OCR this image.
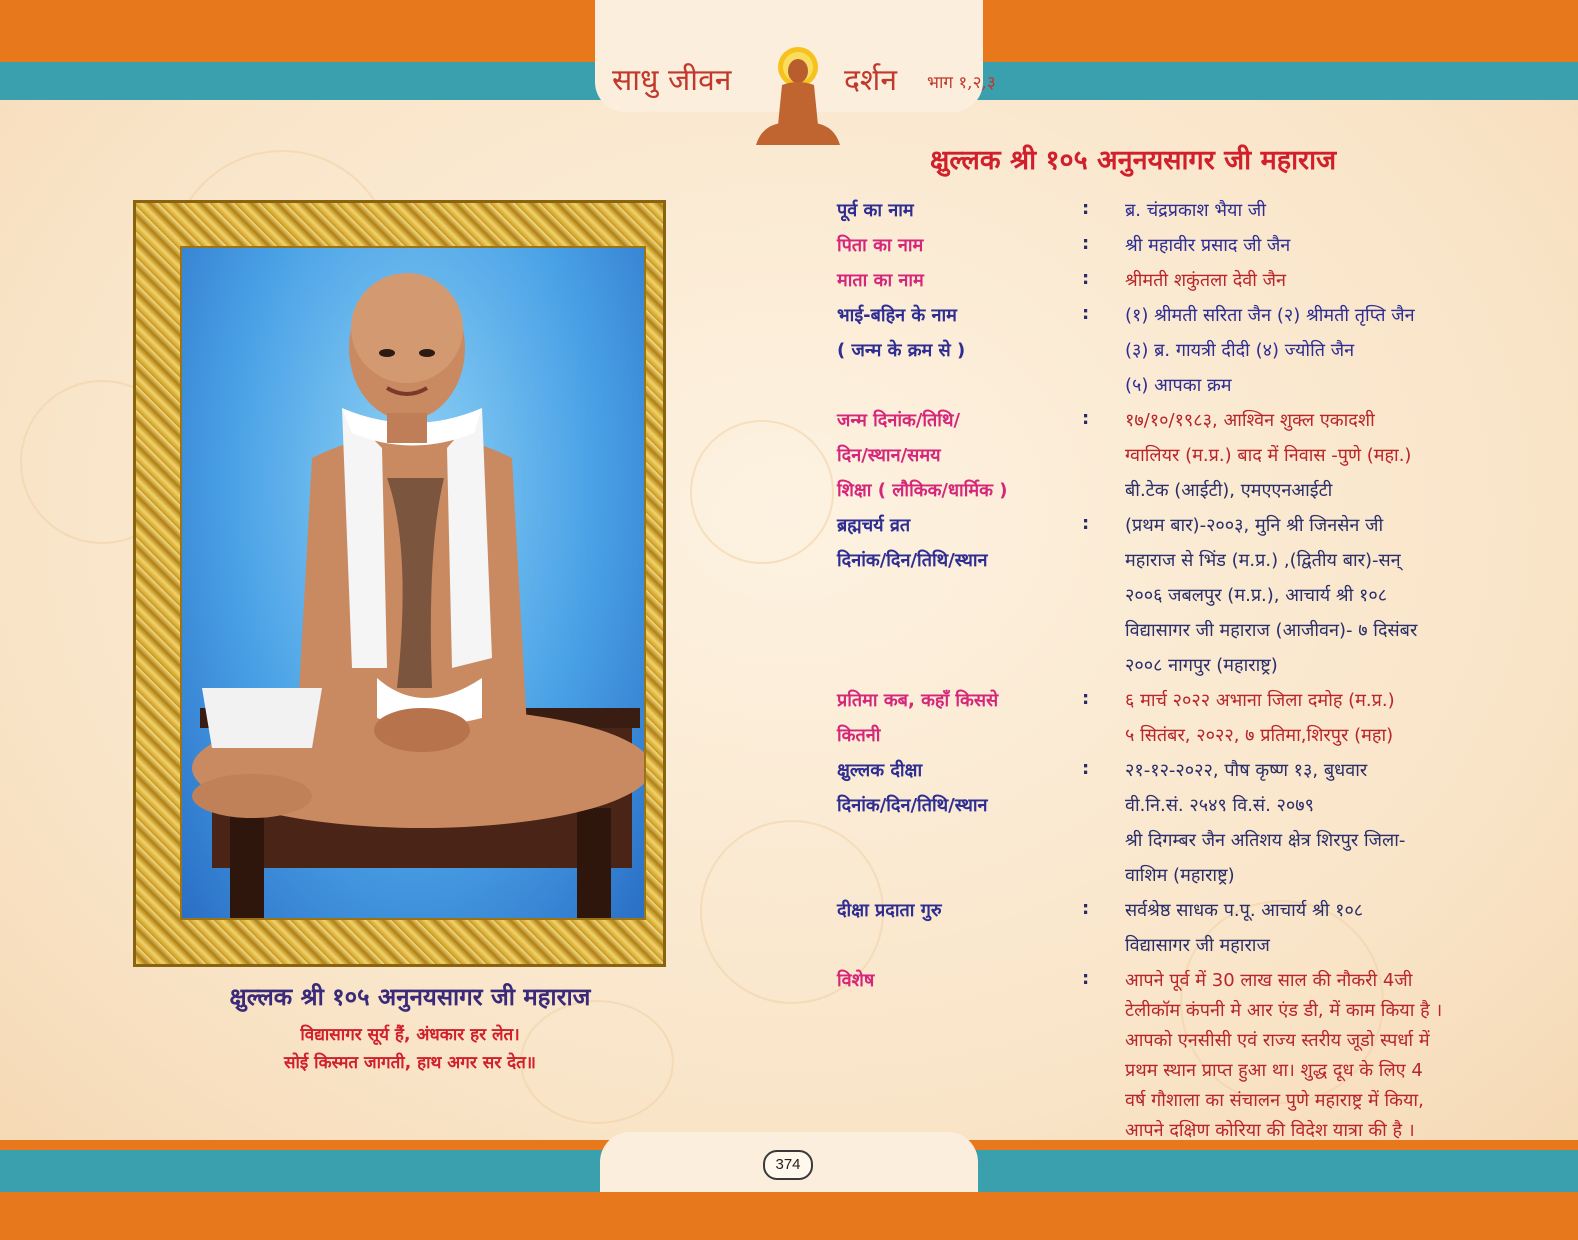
साधु जीवन	दर्शन भाग १,२,३
क्षुल्लक श्री १०५ अनुनयसागर जी महाराज
क्षुल्लक श्री १०५ अनुनयसागर जी महाराज
विद्यासागर सूर्य हैं, अंधकार हर लेत।
सोई किस्मत जागती, हाथ अगर सर देत॥
पूर्व का नाम	: ब्र. चंद्रप्रकाश भैया जी
पिता का नाम	: श्री महावीर प्रसाद जी जैन
माता का नाम	: श्रीमती शकुंतला देवी जैन
भाई-बहिन के नाम	: (१) श्रीमती सरिता जैन (२) श्रीमती तृप्ति जैन
( जन्म के क्रम से )	(३) ब्र. गायत्री दीदी (४) ज्योति जैन
(५) आपका क्रम
जन्म दिनांक/तिथि/	: १७/१०/१९८३, आश्विन शुक्ल एकादशी
दिन/स्थान/समय	ग्वालियर (म.प्र.) बाद में निवास -पुणे (महा.)
शिक्षा ( लौकिक/धार्मिक )	बी.टेक (आईटी), एमएएनआईटी
ब्रह्मचर्य व्रत	: (प्रथम बार)-२००३, मुनि श्री जिनसेन जी
दिनांक/दिन/तिथि/स्थान	महाराज से भिंड (म.प्र.) ,(द्वितीय बार)-सन्
२००६ जबलपुर (म.प्र.), आचार्य श्री १०८
विद्यासागर जी महाराज (आजीवन)- ७ दिसंबर
२००८ नागपुर (महाराष्ट्र)
प्रतिमा कब, कहाँ किससे	: ६ मार्च २०२२ अभाना जिला दमोह (म.प्र.)
कितनी	५ सितंबर, २०२२, ७ प्रतिमा,शिरपुर (महा)
क्षुल्लक दीक्षा	: २१-१२-२०२२, पौष कृष्ण १३, बुधवार
दिनांक/दिन/तिथि/स्थान	वी.नि.सं. २५४९ वि.सं. २०७९
श्री दिगम्बर जैन अतिशय क्षेत्र शिरपुर जिला-
वाशिम (महाराष्ट्र)
दीक्षा प्रदाता गुरु	: सर्वश्रेष्ठ साधक प.पू. आचार्य श्री १०८
विद्यासागर जी महाराज
विशेष	: आपने पूर्व में 30 लाख साल की नौकरी 4जी
टेलीकॉम कंपनी मे आर एंड डी, में काम किया है ।
आपको एनसीसी एवं राज्य स्तरीय जूडो स्पर्धा में
प्रथम स्थान प्राप्त हुआ था। शुद्ध दूध के लिए 4
वर्ष गौशाला का संचालन पुणे महाराष्ट्र में किया,
आपने दक्षिण कोरिया की विदेश यात्रा की है ।
374
